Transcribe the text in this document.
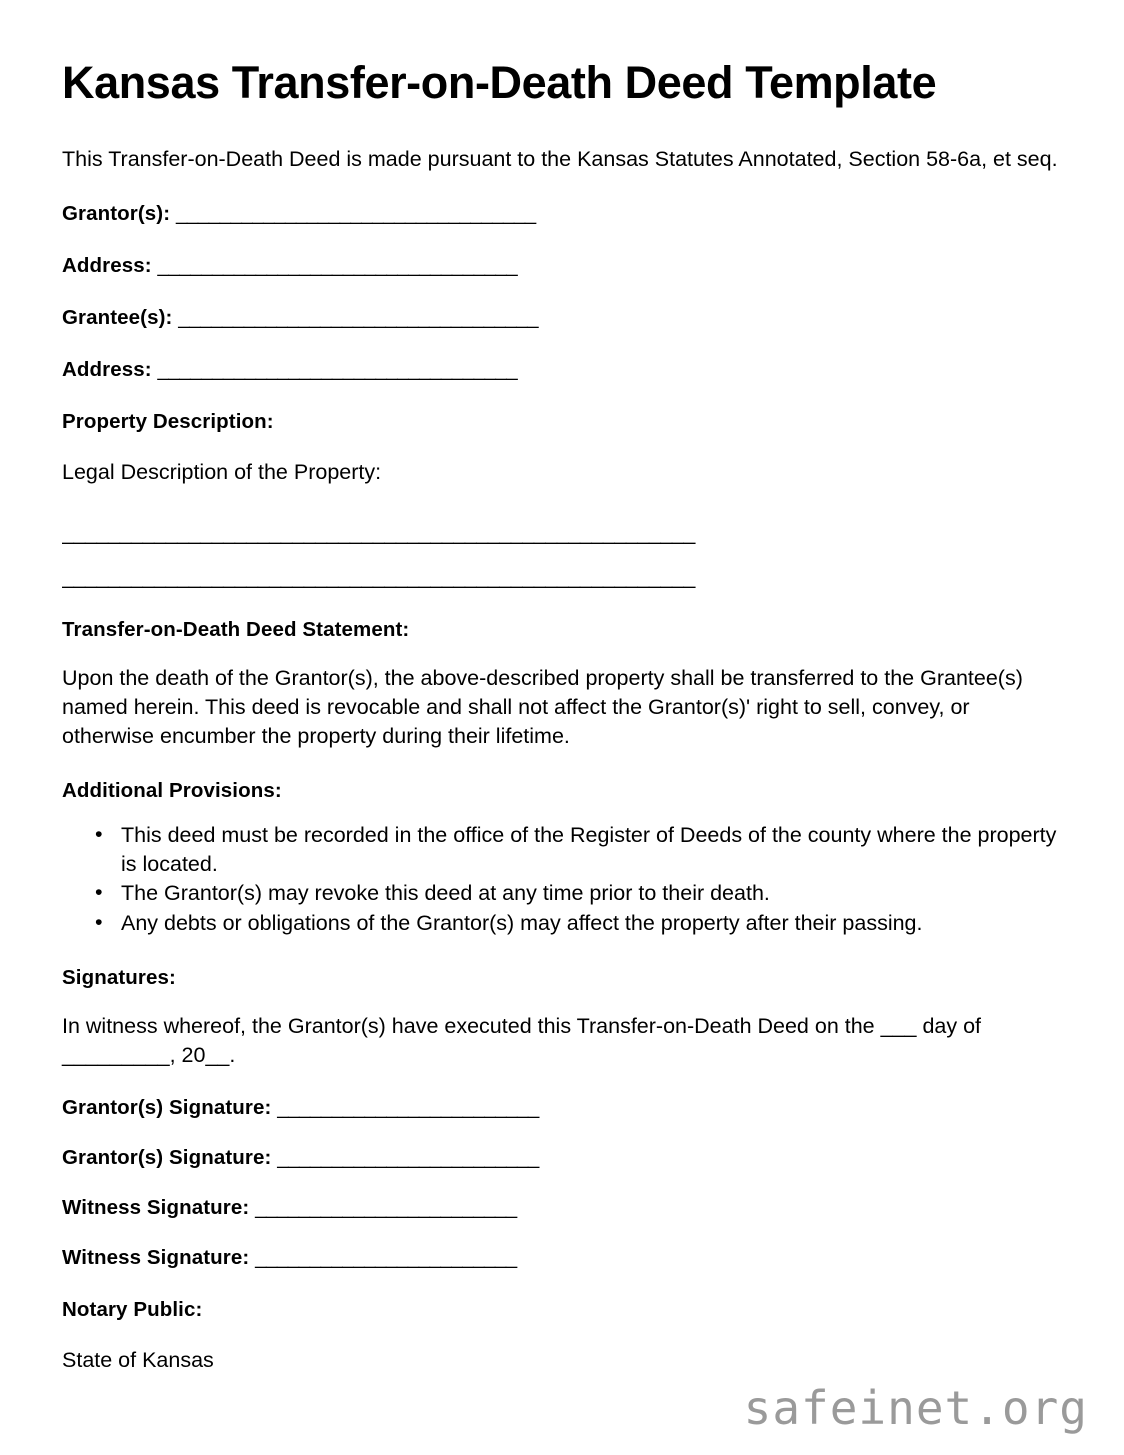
Kansas Transfer-on-Death Deed Template

This Transfer-on-Death Deed is made pursuant to the Kansas Statutes Annotated, Section 58-6a, et seq.

Grantor(s): _________________________________
Address: _________________________________
Grantee(s): _________________________________
Address: _________________________________
Property Description:

Legal Description of the Property:

_______________________________________________________
_______________________________________________________
Transfer-on-Death Deed Statement:

Upon the death of the Grantor(s), the above-described property shall be transferred to the Grantee(s) named herein. This deed is revocable and shall not affect the Grantor(s)' right to sell, convey, or otherwise encumber the property during their lifetime.

Additional Provisions:
• This deed must be recorded in the office of the Register of Deeds of the county where the property is located.
• The Grantor(s) may revoke this deed at any time prior to their death.
• Any debts or obligations of the Grantor(s) may affect the property after their passing.
Signatures:

In witness whereof, the Grantor(s) have executed this Transfer-on-Death Deed on the ___ day of _________, 20__.

Grantor(s) Signature: ________________________
Grantor(s) Signature: ________________________
Witness Signature: ________________________
Witness Signature: ________________________
Notary Public:

State of Kansas

safeinet.org
